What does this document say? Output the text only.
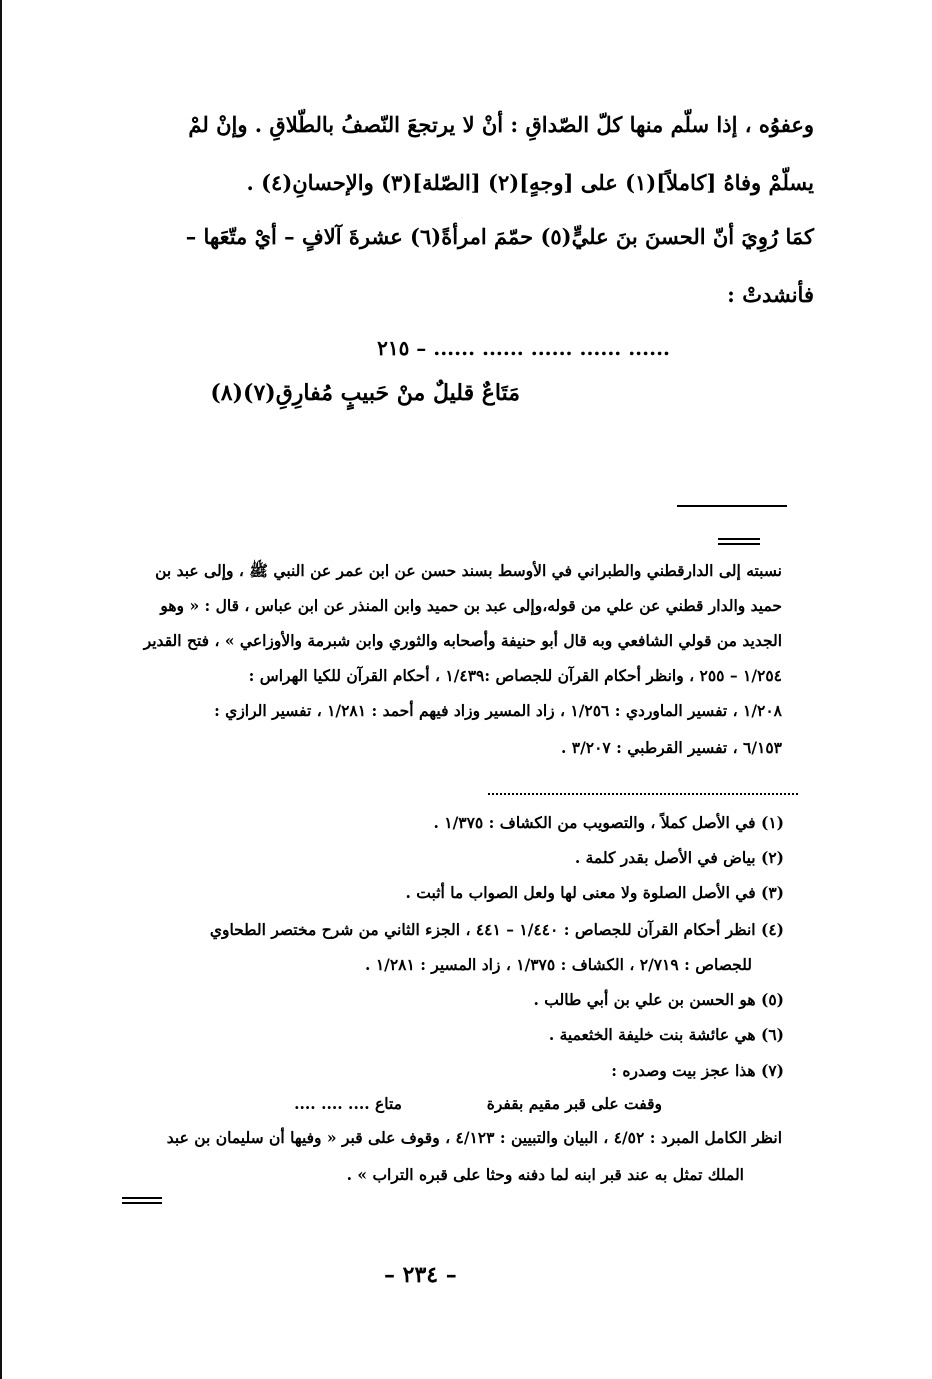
وعفوُه ، إذا سلّم منها كلّ الصّداقِ : أنْ لا يرتجعَ النّصفُ بالطّلاقِ . وإنْ لمْ
يسلّمْ وفاهُ [كاملاً](١) على [وجهٍ](٢) [الصّلة](٣) والإحسانِ(٤) .
كمَا رُوِيَ أنّ الحسنَ بنَ عليٍّ(٥) حمّمَ امرأةً(٦) عشرةَ آلافٍ – أيْ متّعَها –
فأنشدتْ :
٢١٥ – ...... ...... ...... ...... ......
مَتَاعٌ قليلٌ منْ حَبيبٍ مُفارِقِ(٧)(٨)
نسبته إلى الدارقطني والطبراني في الأوسط بسند حسن عن ابن عمر عن النبي ﷺ ، وإلى عبد بن
حميد والدار قطني عن علي من قوله،وإلى عبد بن حميد وابن المنذر عن ابن عباس ، قال : « وهو
الجديد من قولي الشافعي وبه قال أبو حنيفة وأصحابه والثوري وابن شبرمة والأوزاعي » ، فتح القدير
١/٢٥٤ – ٢٥٥ ، وانظر أحكام القرآن للجصاص :١/٤٣٩ ، أحكام القرآن للكيا الهراس :
١/٢٠٨ ، تفسير الماوردي : ١/٢٥٦ ، زاد المسير وزاد فيهم أحمد : ١/٢٨١ ، تفسير الرازي :
٦/١٥٣ ، تفسير القرطبي : ٣/٢٠٧ .
(١) في الأصل كملاً ، والتصويب من الكشاف : ١/٣٧٥ .
(٢) بياض في الأصل بقدر كلمة .
(٣) في الأصل الصلوة ولا معنى لها ولعل الصواب ما أثبت .
(٤) انظر أحكام القرآن للجصاص : ١/٤٤٠ – ٤٤١ ، الجزء الثاني من شرح مختصر الطحاوي
للجصاص : ٢/٧١٩ ، الكشاف : ١/٣٧٥ ، زاد المسير : ١/٢٨١ .
(٥) هو الحسن بن علي بن أبي طالب .
(٦) هي عائشة بنت خليفة الخثعمية .
(٧) هذا عجز بيت وصدره :
وقفت على قبر مقيم بقفرة
متاع .... .... ....
انظر الكامل المبرد : ٤/٥٢ ، البيان والتبيين : ٤/١٢٣ ، وقوف على قبر « وفيها أن سليمان بن عبد
الملك تمثل به عند قبر ابنه لما دفنه وحثا على قبره التراب » .
– ٢٣٤ –
